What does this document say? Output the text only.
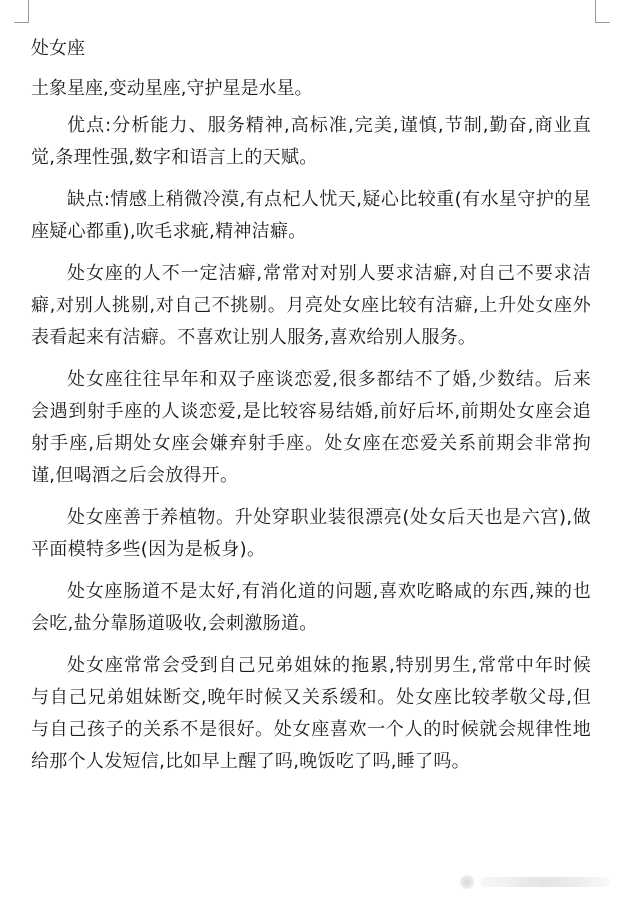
处女座
土象星座,变动星座,守护星是水星。

优点:分析能力、服务精神,高标准,完美,谨慎,节制,勤奋,商业直觉,条理性强,数字和语言上的天赋。

缺点:情感上稍微冷漠,有点杞人忧天,疑心比较重(有水星守护的星座疑心都重),吹毛求疵,精神洁癖。

处女座的人不一定洁癖,常常对对别人要求洁癖,对自己不要求洁癖,对别人挑剔,对自己不挑剔。月亮处女座比较有洁癖,上升处女座外表看起来有洁癖。不喜欢让别人服务,喜欢给别人服务。

处女座往往早年和双子座谈恋爱,很多都结不了婚,少数结。后来会遇到射手座的人谈恋爱,是比较容易结婚,前好后坏,前期处女座会追射手座,后期处女座会嫌弃射手座。处女座在恋爱关系前期会非常拘谨,但喝酒之后会放得开。

处女座善于养植物。升处穿职业装很漂亮(处女后天也是六宫),做平面模特多些(因为是板身)。

处女座肠道不是太好,有消化道的问题,喜欢吃略咸的东西,辣的也会吃,盐分靠肠道吸收,会刺激肠道。

处女座常常会受到自己兄弟姐妹的拖累,特别男生,常常中年时候与自己兄弟姐妹断交,晚年时候又关系缓和。处女座比较孝敬父母,但与自己孩子的关系不是很好。处女座喜欢一个人的时候就会规律性地给那个人发短信,比如早上醒了吗,晚饭吃了吗,睡了吗。
